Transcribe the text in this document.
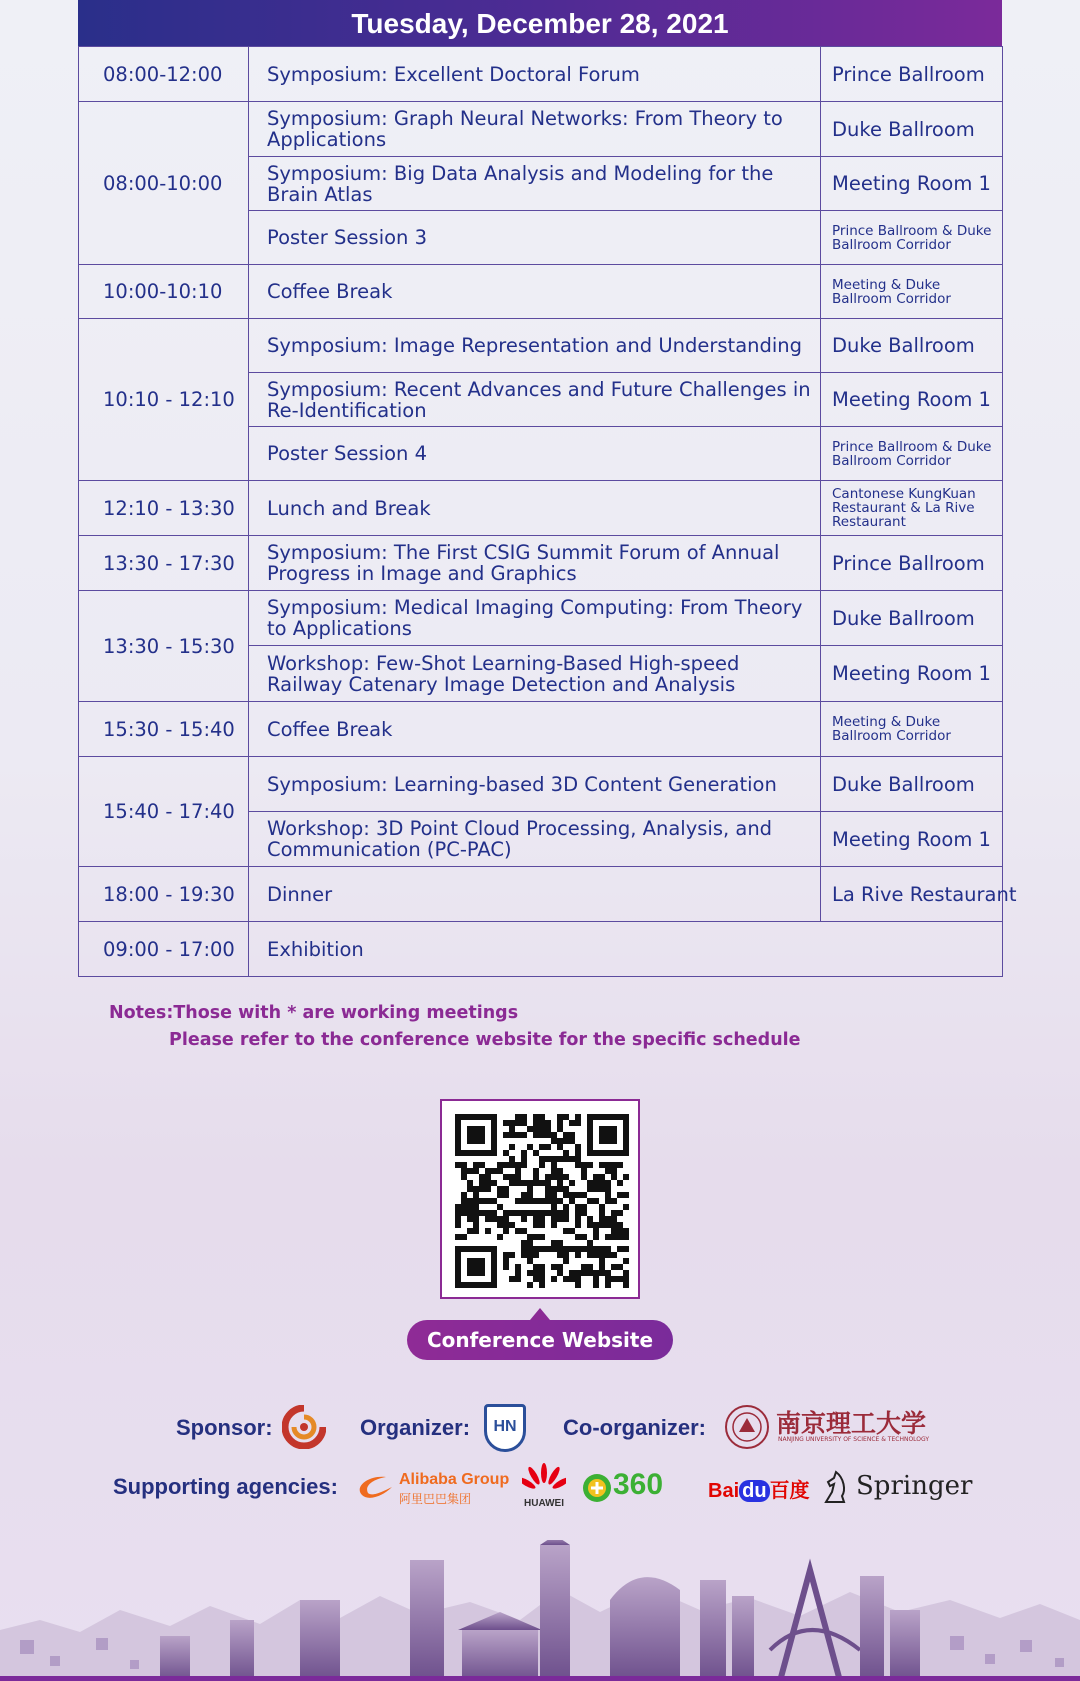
Tuesday, December 28, 2021
08:00-12:00	Symposium: Excellent Doctoral Forum	Prince Ballroom
08:00-10:00	Symposium: Graph Neural Networks: From Theory to Applications	Duke Ballroom
	Symposium: Big Data Analysis and Modeling for the Brain Atlas	Meeting Room 1
	Poster Session 3	Prince Ballroom & Duke Ballroom Corridor
10:00-10:10	Coffee Break	Meeting & Duke Ballroom Corridor
10:10 - 12:10	Symposium: Image Representation and Understanding	Duke Ballroom
	Symposium: Recent Advances and Future Challenges in Re-Identification	Meeting Room 1
	Poster Session 4	Prince Ballroom & Duke Ballroom Corridor
12:10 - 13:30	Lunch and Break	Cantonese KungKuan Restaurant & La Rive Restaurant
13:30 - 17:30	Symposium: The First CSIG Summit Forum of Annual Progress in Image and Graphics	Prince Ballroom
13:30 - 15:30	Symposium: Medical Imaging Computing: From Theory to Applications	Duke Ballroom
	Workshop: Few-Shot Learning-Based High-speed Railway Catenary Image Detection and Analysis	Meeting Room 1
15:30 - 15:40	Coffee Break	Meeting & Duke Ballroom Corridor
15:40 - 17:40	Symposium: Learning-based 3D Content Generation	Duke Ballroom
	Workshop: 3D Point Cloud Processing, Analysis, and Communication (PC-PAC)	Meeting Room 1
18:00 - 19:30	Dinner	La Rive Restaurant
09:00 - 17:00	Exhibition	
Notes:Those with * are working meetings
Please refer to the conference website for the specific schedule
Conference Website
Sponsor:	Organizer:	HN	Co-organizer:	南京理工大学
NANJING UNIVERSITY OF SCIENCE & TECHNOLOGY
Supporting agencies:	Alibaba Group
阿里巴巴集团	HUAWEI
360 Bai du 百度 Springer
